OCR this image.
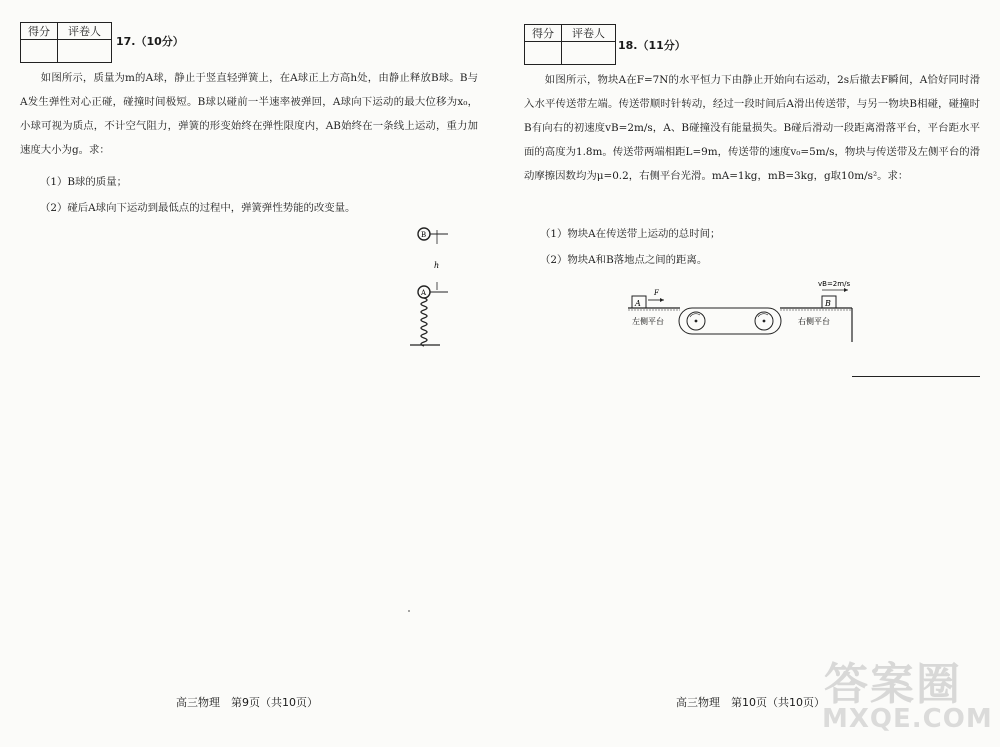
得分	评卷人

17.（10分）
如图所示，质量为m的A球，静止于竖直轻弹簧上，在A球正上方高h处，由静止释放B球。B与A发生弹性对心正碰，碰撞时间极短。B球以碰前一半速率被弹回，A球向下运动的最大位移为x₀，小球可视为质点，不计空气阻力，弹簧的形变始终在弹性限度内，AB始终在一条线上运动，重力加速度大小为g。求：
（1）B球的质量；
（2）碰后A球向下运动到最低点的过程中，弹簧弹性势能的改变量。
B
h
A
高三物理　第9页（共10页）
得分	评卷人

18.（11分）
如图所示，物块A在F=7N的水平恒力下由静止开始向右运动，2s后撤去F瞬间，A恰好同时滑入水平传送带左端。传送带顺时针转动，经过一段时间后A滑出传送带，与另一物块B相碰，碰撞时B有向右的初速度vB=2m/s，A、B碰撞没有能量损失。B碰后滑动一段距离滑落平台，平台距水平面的高度为1.8m。传送带两端相距L=9m，传送带的速度v₀=5m/s，物块与传送带及左侧平台的滑动摩擦因数均为μ=0.2，右侧平台光滑。mA=1kg，mB=3kg，g取10m/s²。求：
（1）物块A在传送带上运动的总时间；
（2）物块A和B落地点之间的距离。
A
F
左侧平台
B
vB=2m/s
右侧平台
高三物理　第10页（共10页） 答案圈
MXQE.COM
